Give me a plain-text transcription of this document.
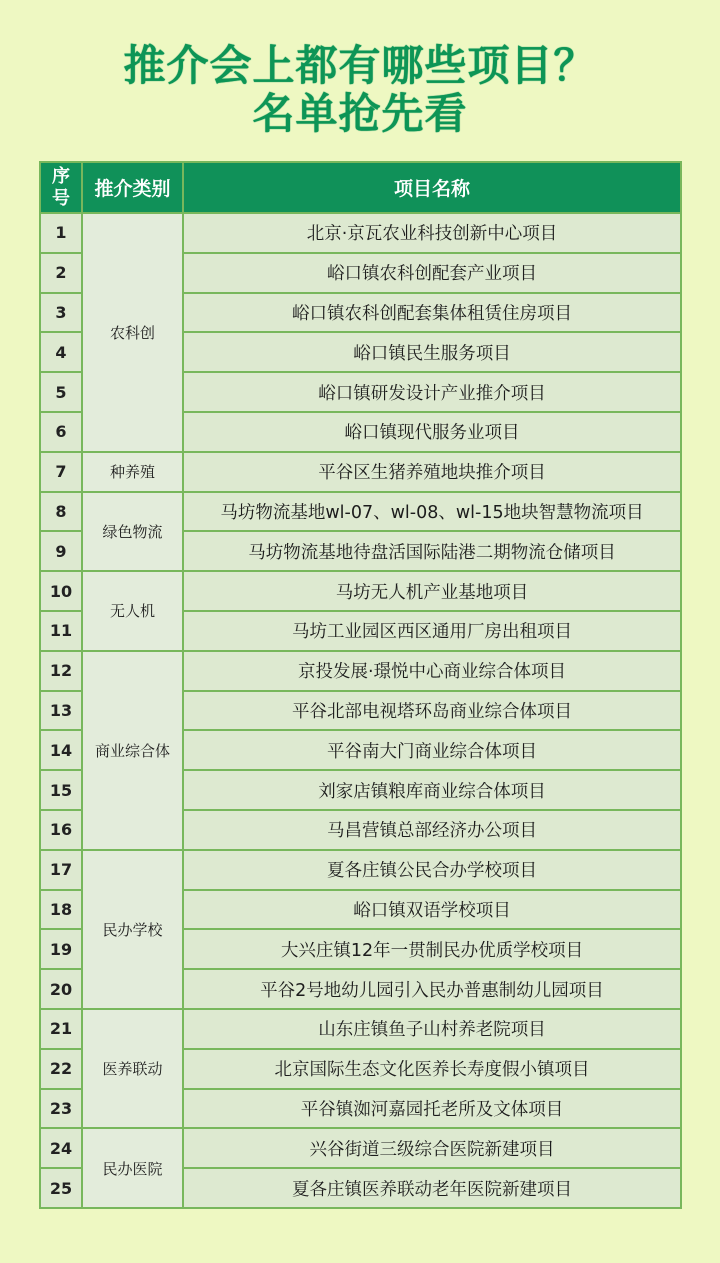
推介会上都有哪些项目？
名单抢先看
序
号	推介类别	项目名称
1	农科创	北京·京瓦农业科技创新中心项目
2		峪口镇农科创配套产业项目
3		峪口镇农科创配套集体租赁住房项目
4		峪口镇民生服务项目
5		峪口镇研发设计产业推介项目
6		峪口镇现代服务业项目
7	种养殖	平谷区生猪养殖地块推介项目
8	绿色物流	马坊物流基地wl-07、wl-08、wl-15地块智慧物流项目
9		马坊物流基地待盘活国际陆港二期物流仓储项目
10	无人机	马坊无人机产业基地项目
11		马坊工业园区西区通用厂房出租项目
12	商业综合体	京投发展·璟悦中心商业综合体项目
13		平谷北部电视塔环岛商业综合体项目
14		平谷南大门商业综合体项目
15		刘家店镇粮库商业综合体项目
16		马昌营镇总部经济办公项目
17	民办学校	夏各庄镇公民合办学校项目
18		峪口镇双语学校项目
19		大兴庄镇12年一贯制民办优质学校项目
20		平谷2号地幼儿园引入民办普惠制幼儿园项目
21	医养联动	山东庄镇鱼子山村养老院项目
22		北京国际生态文化医养长寿度假小镇项目
23		平谷镇洳河嘉园托老所及文体项目
24	民办医院	兴谷街道三级综合医院新建项目
25		夏各庄镇医养联动老年医院新建项目
